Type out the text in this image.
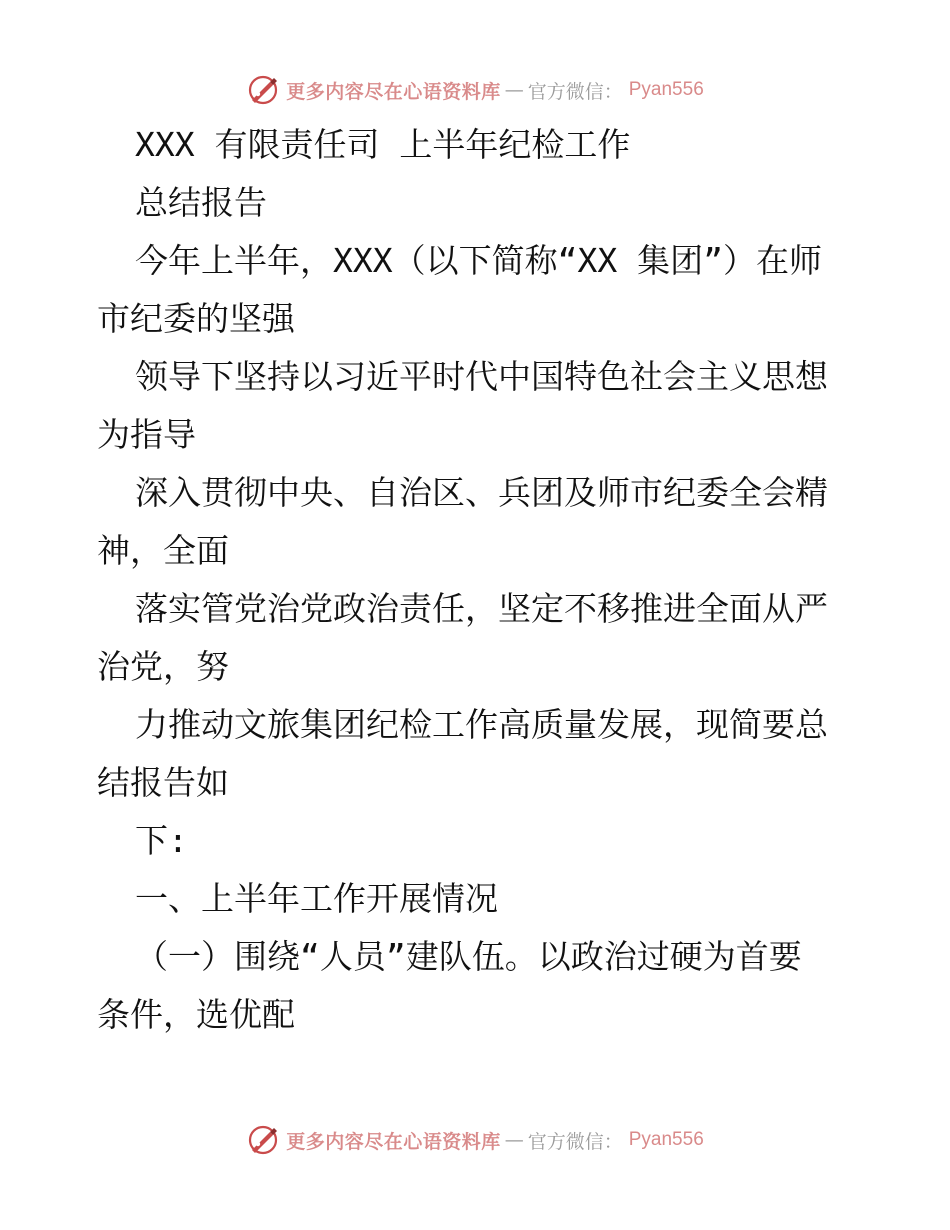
更多内容尽在心语资料库 — 官方微信： Pyan556
XXX 有限责任司 上半年纪检工作
总结报告
今年上半年，XXX（以下简称“XX 集团”）在师
市纪委的坚强
领导下坚持以习近平时代中国特色社会主义思想
为指导
深入贯彻中央、自治区、兵团及师市纪委全会精
神，全面
落实管党治党政治责任，坚定不移推进全面从严
治党，努
力推动文旅集团纪检工作高质量发展，现简要总
结报告如
下:
一、上半年工作开展情况
（一）围绕“人员”建队伍。以政治过硬为首要
条件，选优配
更多内容尽在心语资料库 — 官方微信： Pyan556
